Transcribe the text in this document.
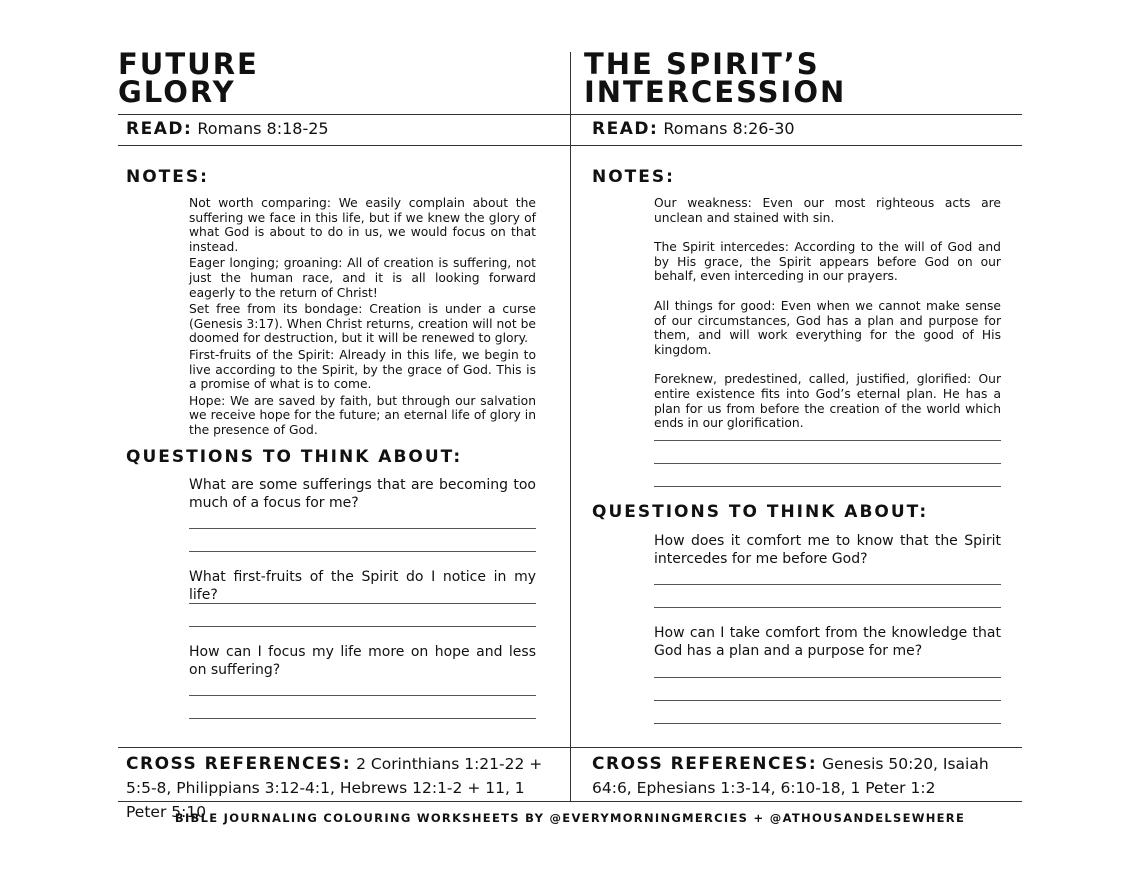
FUTURE
GLORY
THE SPIRIT’S
INTERCESSION
READ: Romans 8:18-25	READ: Romans 8:26-30
NOTES:	NOTES:

Not worth comparing: We easily complain about the suffering we face in this life, but if we knew the glory of what God is about to do in us, we would focus on that instead.

Eager longing; groaning: All of creation is suffering, not just the human race, and it is all looking forward eagerly to the return of Christ!

Set free from its bondage: Creation is under a curse (Genesis 3:17). When Christ returns, creation will not be doomed for destruction, but it will be renewed to glory.

First-fruits of the Spirit: Already in this life, we begin to live according to the Spirit, by the grace of God. This is a promise of what is to come.

Hope: We are saved by faith, but through our salvation we receive hope for the future; an eternal life of glory in the presence of God.

Our weakness: Even our most righteous acts are unclean and stained with sin.

The Spirit intercedes: According to the will of God and by His grace, the Spirit appears before God on our behalf, even interceding in our prayers.

All things for good: Even when we cannot make sense of our circumstances, God has a plan and purpose for them, and will work everything for the good of His kingdom.

Foreknew, predestined, called, justified, glorified: Our entire existence fits into God’s eternal plan. He has a plan for us from before the creation of the world which ends in our glorification.

QUESTIONS TO THINK ABOUT:
QUESTIONS TO THINK ABOUT:
What are some sufferings that are becoming too much of a focus for me?
What first-fruits of the Spirit do I notice in my life?
How can I focus my life more on hope and less on suffering?
How does it comfort me to know that the Spirit intercedes for me before God?
How can I take comfort from the knowledge that God has a plan and a purpose for me?
CROSS REFERENCES: 2 Corinthians 1:21-22 + 5:5-8, Philippians 3:12-4:1, Hebrews 12:1-2 + 11, 1 Peter 5:10
CROSS REFERENCES: Genesis 50:20, Isaiah 64:6, Ephesians 1:3-14, 6:10-18, 1 Peter 1:2
BIBLE JOURNALING COLOURING WORKSHEETS BY @EVERYMORNINGMERCIES + @ATHOUSANDELSEWHERE
